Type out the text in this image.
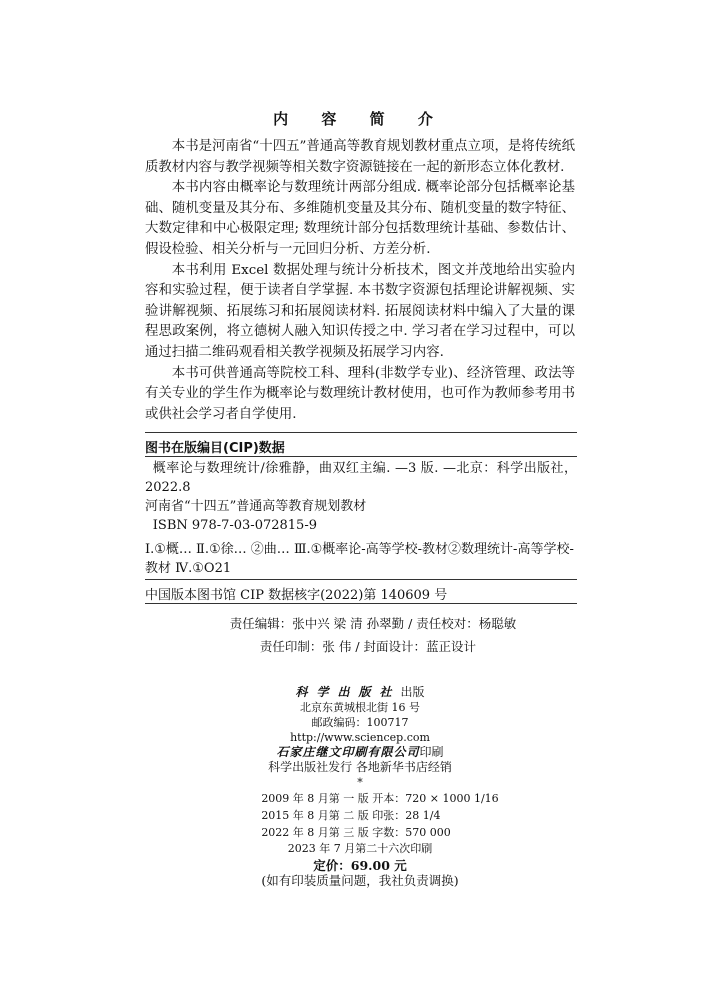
内 容 简 介

本书是河南省“十四五”普通高等教育规划教材重点立项，是将传统纸质教材内容与教学视频等相关数字资源链接在一起的新形态立体化教材.

本书内容由概率论与数理统计两部分组成. 概率论部分包括概率论基础、随机变量及其分布、多维随机变量及其分布、随机变量的数字特征、大数定律和中心极限定理; 数理统计部分包括数理统计基础、参数估计、假设检验、相关分析与一元回归分析、方差分析.

本书利用 Excel 数据处理与统计分析技术，图文并茂地给出实验内容和实验过程，便于读者自学掌握. 本书数字资源包括理论讲解视频、实验讲解视频、拓展练习和拓展阅读材料. 拓展阅读材料中编入了大量的课程思政案例，将立德树人融入知识传授之中. 学习者在学习过程中，可以通过扫描二维码观看相关教学视频及拓展学习内容.

本书可供普通高等院校工科、理科(非数学专业)、经济管理、政法等有关专业的学生作为概率论与数理统计教材使用，也可作为教师参考用书或供社会学习者自学使用.

图书在版编目(CIP)数据

概率论与数理统计/徐雅静，曲双红主编. —3 版. —北京：科学出版社，2022.8

河南省“十四五”普通高等教育规划教材

ISBN 978-7-03-072815-9

Ⅰ.①概… Ⅱ.①徐… ②曲… Ⅲ.①概率论-高等学校-教材②数理统计-高等学校-教材 Ⅳ.①O21

中国版本图书馆 CIP 数据核字(2022)第 140609 号
责任编辑：张中兴 梁 清 孙翠勤 / 责任校对：杨聪敏
责任印制：张 伟 / 封面设计：蓝正设计
科学出版社出版
北京东黄城根北街 16 号
邮政编码：100717
http://www.sciencep.com
石家庄继文印刷有限公司印刷
科学出版社发行 各地新华书店经销
*
2009 年 8 月第 一 版 开本：720 × 1000 1/16
2015 年 8 月第 二 版 印张：28 1/4
2022 年 8 月第 三 版 字数：570 000
2023 年 7 月第二十六次印刷
定价：69.00 元
(如有印装质量问题，我社负责调换)
